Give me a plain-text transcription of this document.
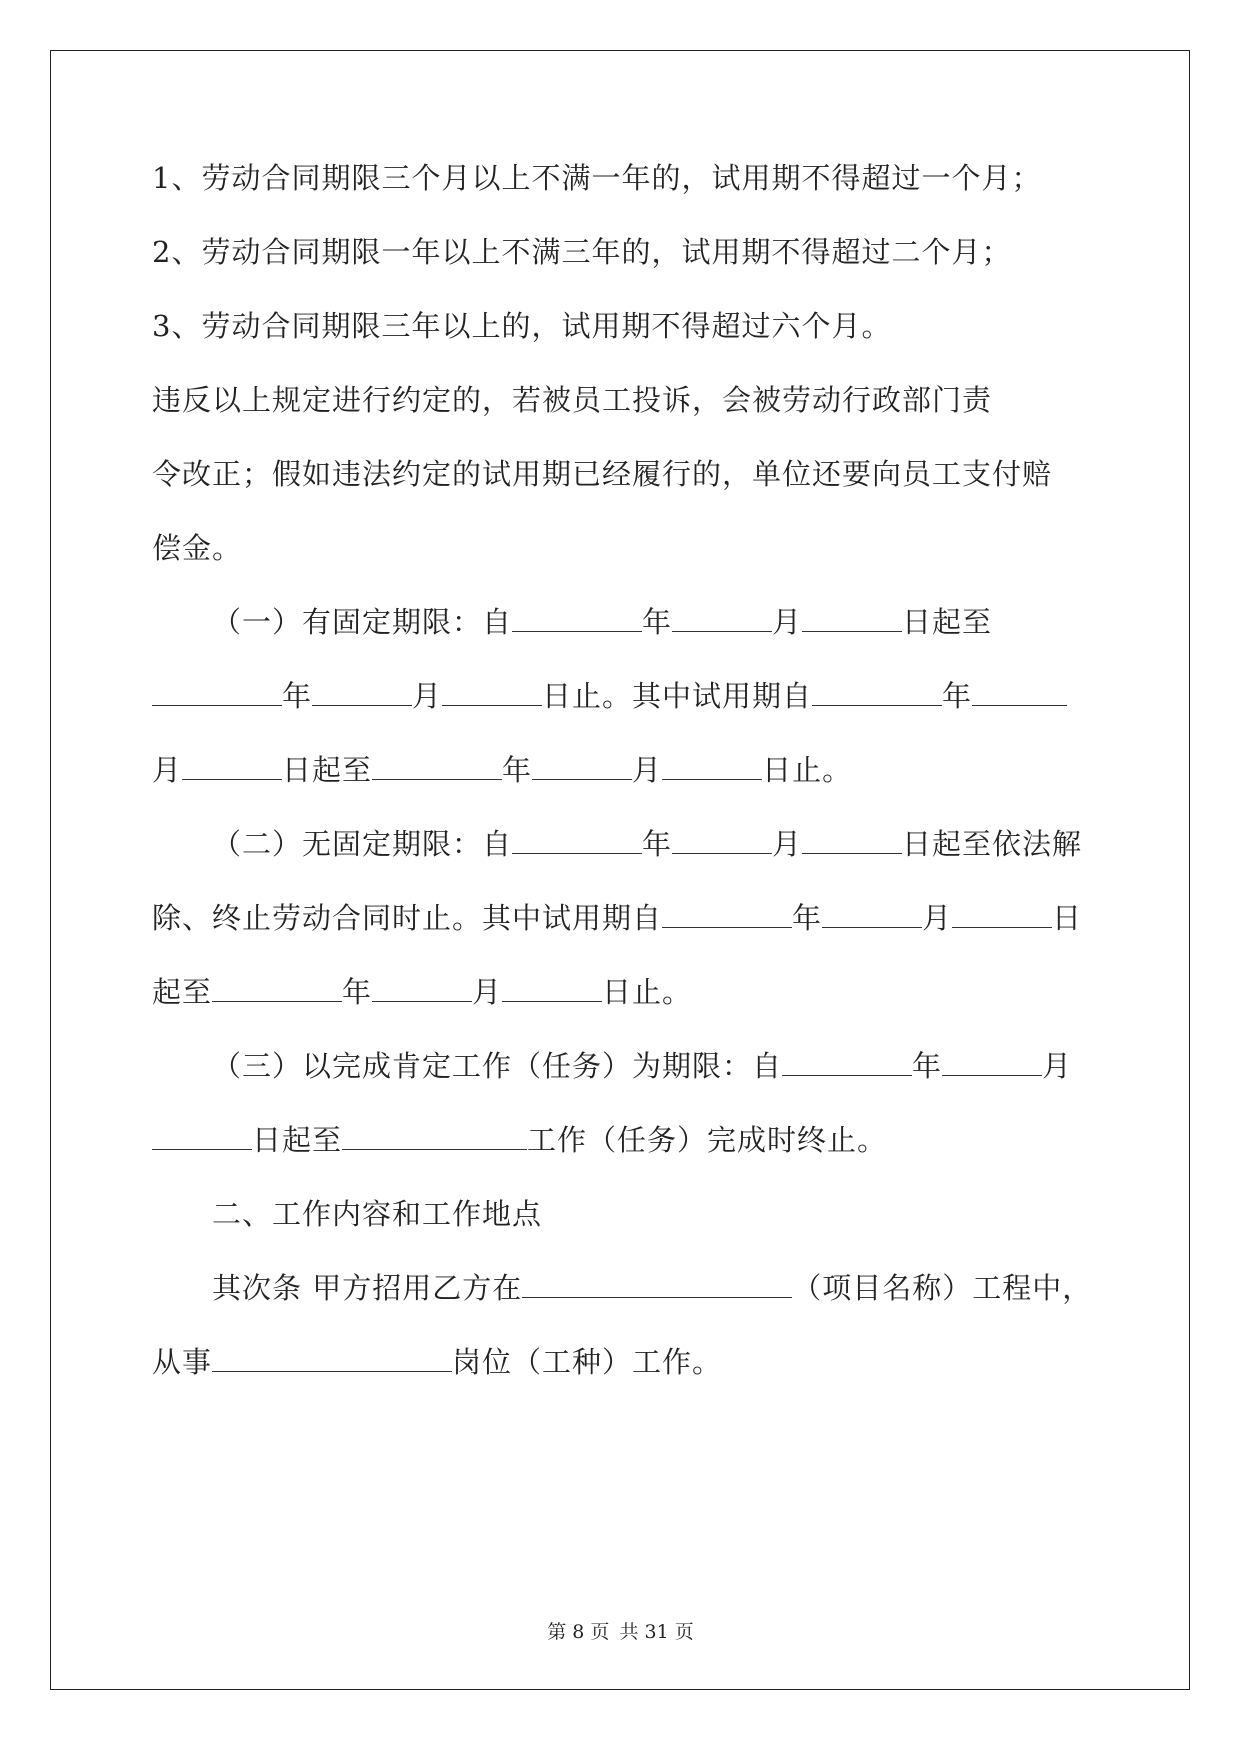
1、劳动合同期限三个月以上不满一年的，试用期不得超过一个月；
2、劳动合同期限一年以上不满三年的，试用期不得超过二个月；
3、劳动合同期限三年以上的，试用期不得超过六个月。
违反以上规定进行约定的，若被员工投诉，会被劳动行政部门责
令改正；假如违法约定的试用期已经履行的，单位还要向员工支付赔
偿金。
（一）有固定期限：自	年	月	日起至
年	月	日止。其中试用期自	年
月	日起至	年	月	日止。
（二）无固定期限：自	年	月	日起至依法解
除、终止劳动合同时止。其中试用期自	年	月	日
起至	年	月	日止。
（三）以完成肯定工作（任务）为期限：自	年	月
日起至	工作（任务）完成时终止。
二、工作内容和工作地点
其次条 甲方招用乙方在	（项目名称）工程中，
从事	岗位（工种）工作。
第 8 页 共 31 页
